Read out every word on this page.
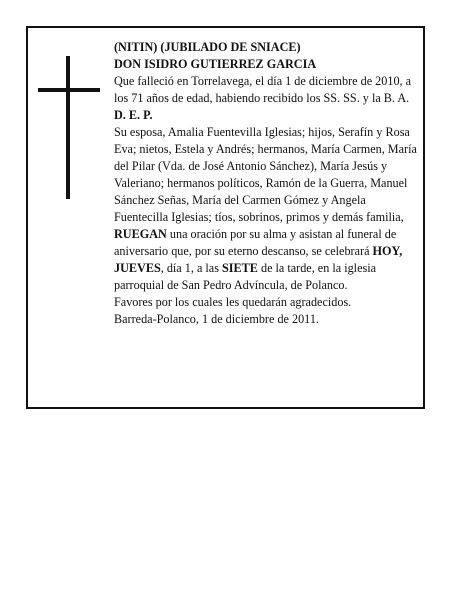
(NITIN) (JUBILADO DE SNIACE)

DON ISIDRO GUTIERREZ GARCIA

Que falleció en Torrelavega, el día 1 de diciembre de 2010, a los 71 años de edad, habiendo recibido los SS. SS. y la B. A.

D. E. P.

Su esposa, Amalia Fuentevilla Iglesias; hijos, Serafín y Rosa Eva; nietos, Estela y Andrés; hermanos, María Carmen, María del Pilar (Vda. de José Antonio Sánchez), María Jesús y Valeriano; hermanos políticos, Ramón de la Guerra, Manuel Sánchez Señas, María del Carmen Gómez y Angela Fuentecilla Iglesias; tíos, sobrinos, primos y demás familia,

RUEGAN una oración por su alma y asistan al funeral de aniversario que, por su eterno descanso, se celebrará HOY, JUEVES, día 1, a las SIETE de la tarde, en la iglesia parroquial de San Pedro Advíncula, de Polanco.

Favores por los cuales les quedarán agradecidos.

Barreda-Polanco, 1 de diciembre de 2011.
